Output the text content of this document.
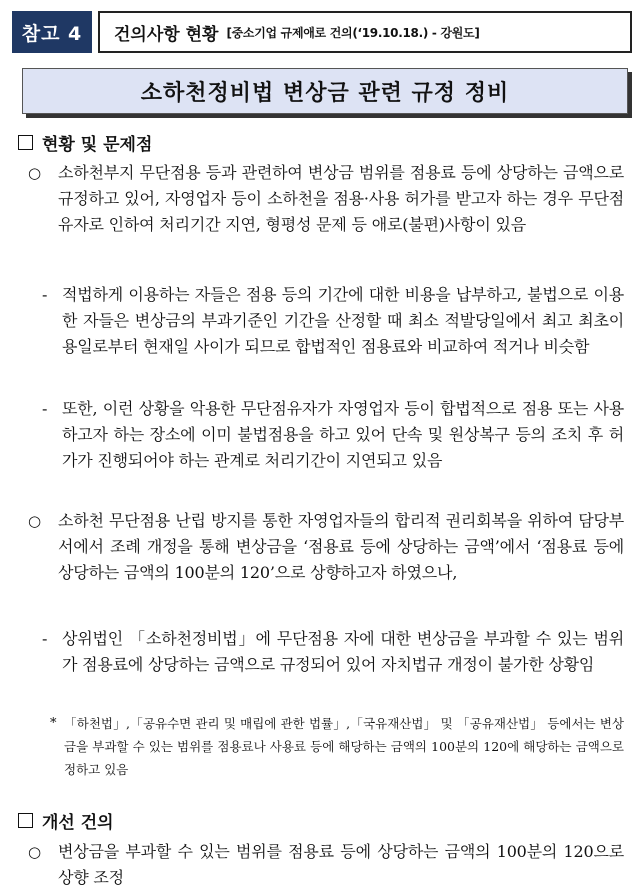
참고 4	건의사항 현황 [중소기업 규제애로 건의(‘19.10.18.) - 강원도]
소하천정비법 변상금 관련 규정 정비
현황 및 문제점
○ 소하천부지 무단점용 등과 관련하여 변상금 범위를 점용료 등에 상당하는 금액으로 규정하고 있어, 자영업자 등이 소하천을 점용·사용 허가를 받고자 하는 경우 무단점유자로 인하여 처리기간 지연, 형평성 문제 등 애로(불편)사항이 있음
- 적법하게 이용하는 자들은 점용 등의 기간에 대한 비용을 납부하고, 불법으로 이용한 자들은 변상금의 부과기준인 기간을 산정할 때 최소 적발당일에서 최고 최초이용일로부터 현재일 사이가 되므로 합법적인 점용료와 비교하여 적거나 비슷함
- 또한, 이런 상황을 악용한 무단점유자가 자영업자 등이 합법적으로 점용 또는 사용하고자 하는 장소에 이미 불법점용을 하고 있어 단속 및 원상복구 등의 조치 후 허가가 진행되어야 하는 관계로 처리기간이 지연되고 있음
○ 소하천 무단점용 난립 방지를 통한 자영업자들의 합리적 권리회복을 위하여 담당부서에서 조례 개정을 통해 변상금을 ‘점용료 등에 상당하는 금액’에서 ‘점용료 등에 상당하는 금액의 100분의 120’으로 상향하고자 하였으나,
- 상위법인 「소하천정비법」에 무단점용 자에 대한 변상금을 부과할 수 있는 범위가 점용료에 상당하는 금액으로 규정되어 있어 자치법규 개정이 불가한 상황임
* 「하천법」,「공유수면 관리 및 매립에 관한 법률」,「국유재산법」 및 「공유재산법」 등에서는 변상금을 부과할 수 있는 범위를 점용료나 사용료 등에 해당하는 금액의 100분의 120에 해당하는 금액으로 정하고 있음
개선 건의
○ 변상금을 부과할 수 있는 범위를 점용료 등에 상당하는 금액의 100분의 120으로 상향 조정
